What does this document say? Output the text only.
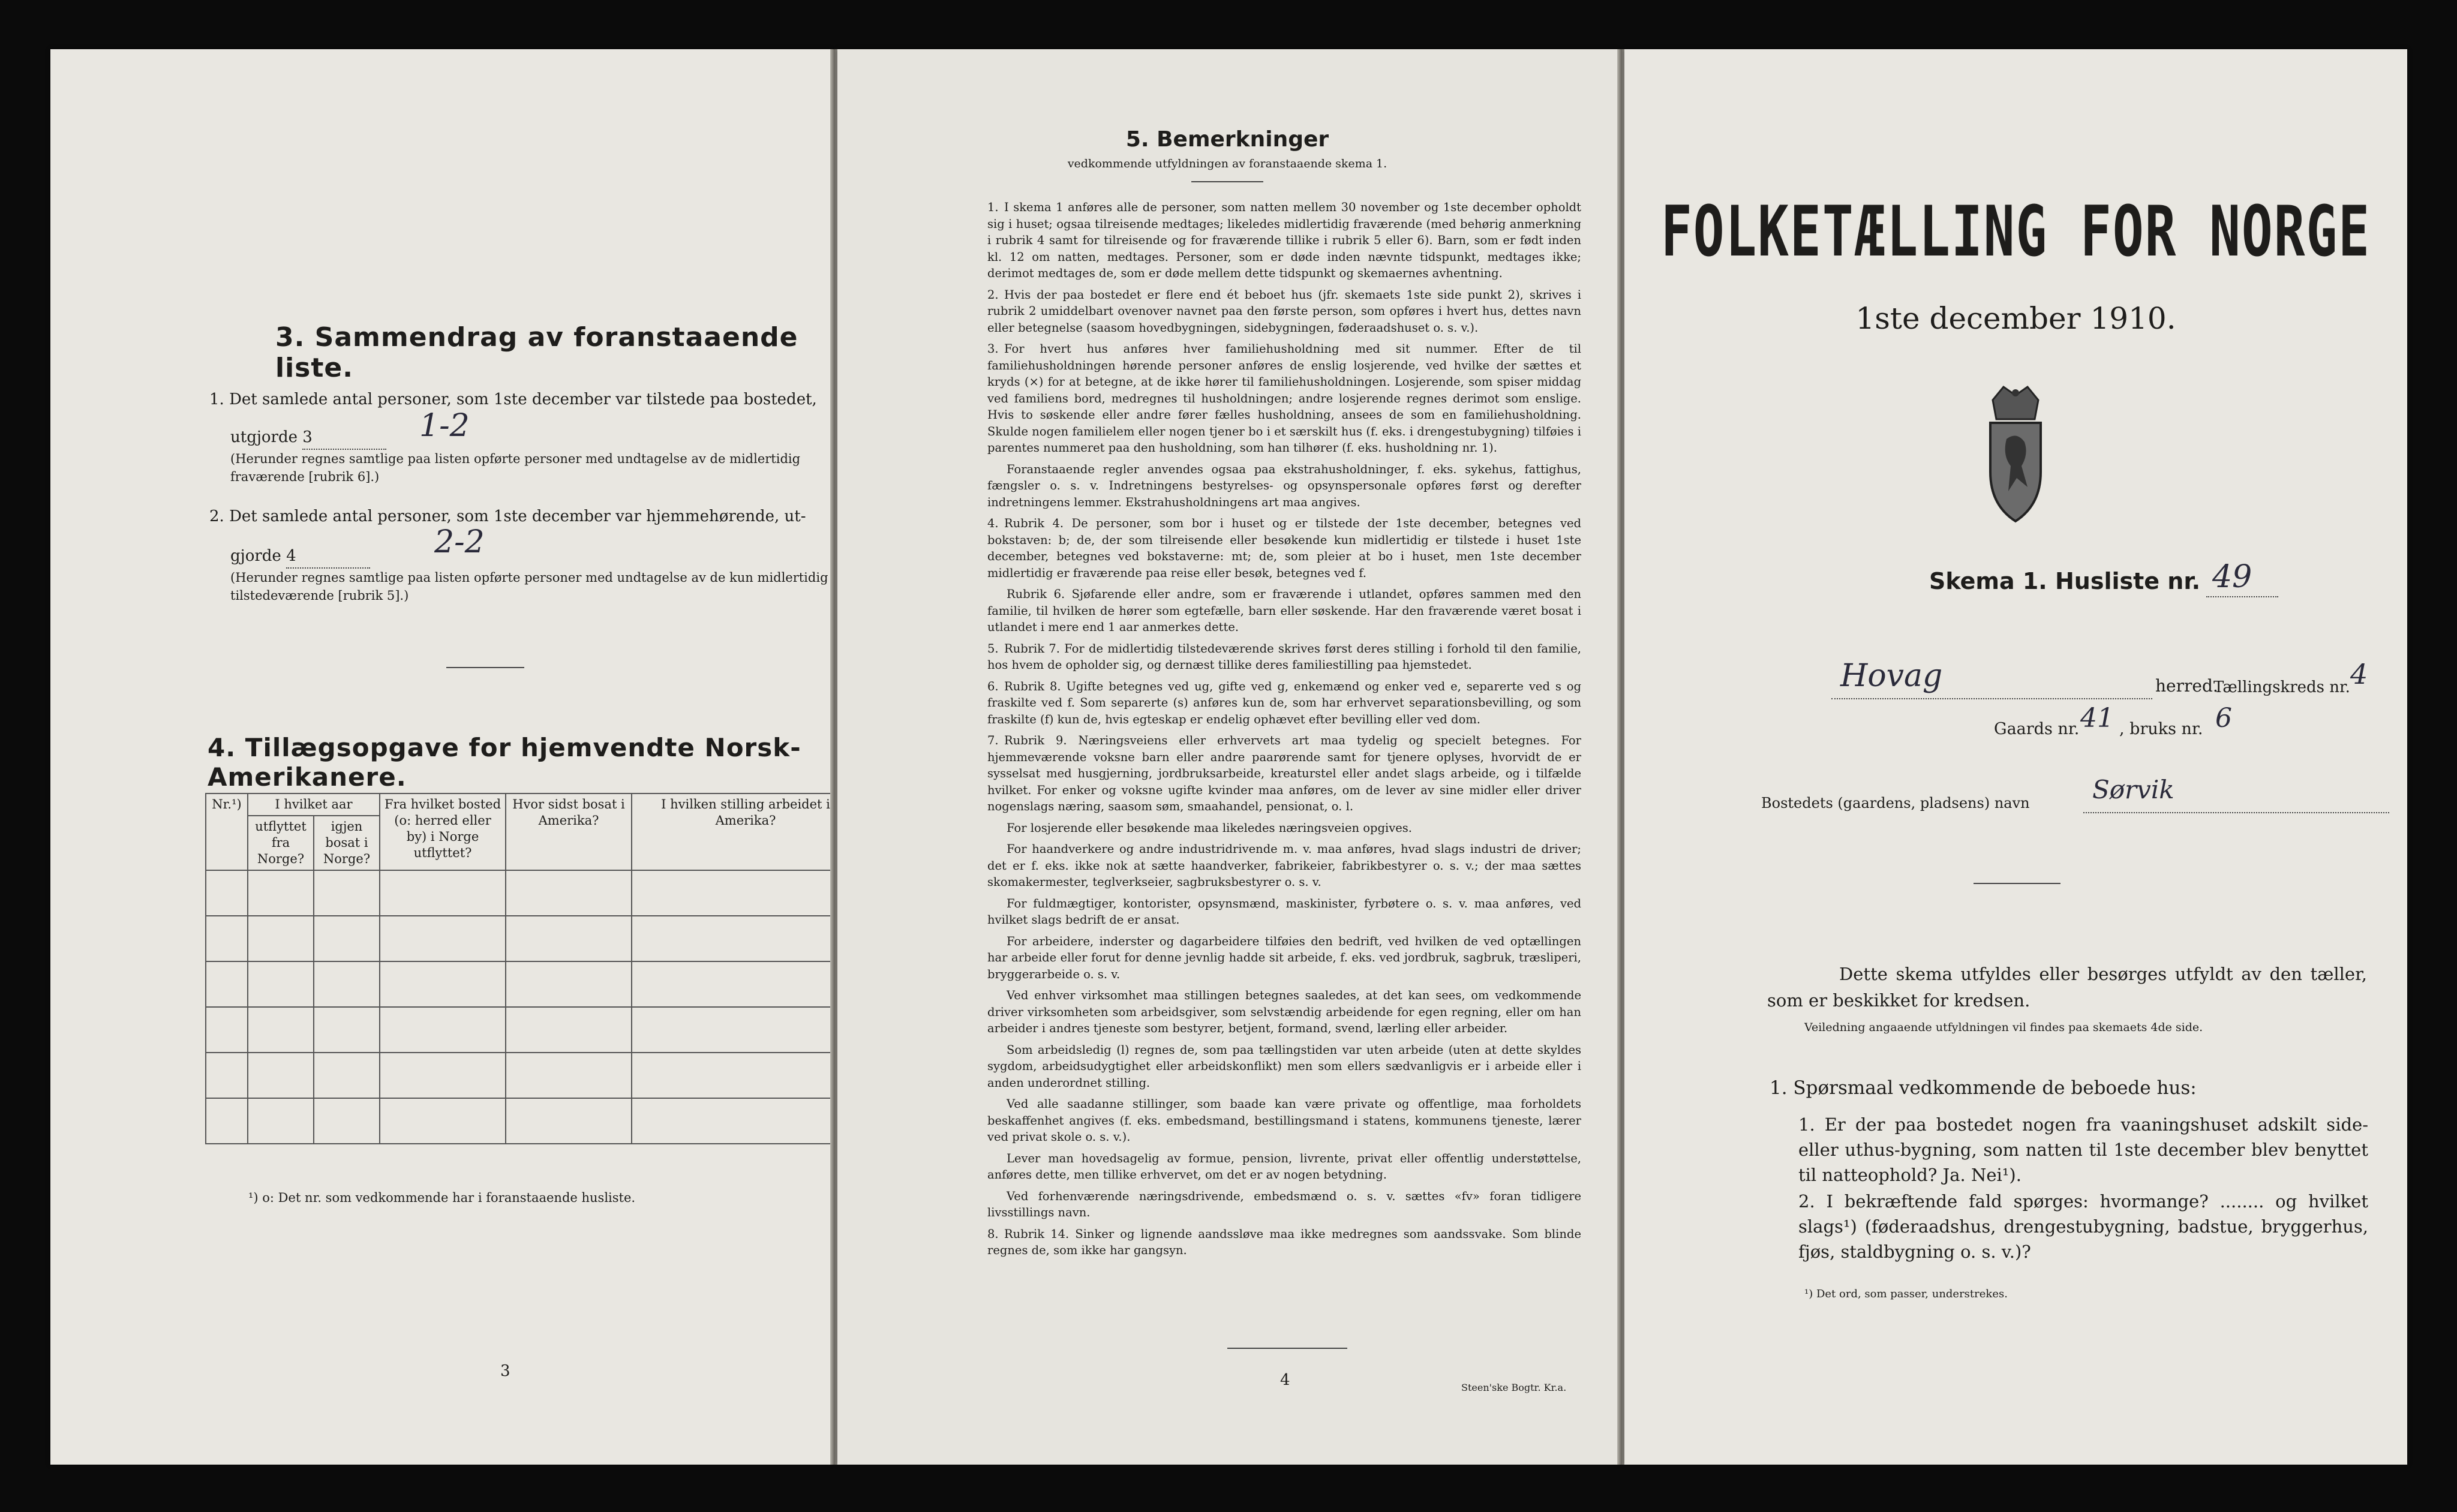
3. Sammendrag av foranstaaende liste.
1. Det samlede antal personer, som 1ste december var tilstede paa bostedet,
utgjorde 3	1-2
(Herunder regnes samtlige paa listen opførte personer med undtagelse av de midlertidig fraværende [rubrik 6].)
2. Det samlede antal personer, som 1ste december var hjemmehørende, ut-
gjorde 4	2-2
(Herunder regnes samtlige paa listen opførte personer med undtagelse av de kun midlertidig tilstedeværende [rubrik 5].)
4. Tillægsopgave for hjemvendte Norsk-Amerikanere.
Nr.¹)	I hvilket aar		Fra hvilket bosted (o: herred eller by) i Norge utflyttet?	Hvor sidst bosat i Amerika?	I hvilken stilling arbeidet i Amerika?
	utflyttet fra Norge?	igjen bosat i Norge?			

¹) o: Det nr. som vedkommende har i foranstaaende husliste.
3
5. Bemerkninger
vedkommende utfyldningen av foranstaaende skema 1.

1. I skema 1 anføres alle de personer, som natten mellem 30 november og 1ste december opholdt sig i huset; ogsaa tilreisende medtages; likeledes midlertidig fraværende (med behørig anmerkning i rubrik 4 samt for tilreisende og for fraværende tillike i rubrik 5 eller 6). Barn, som er født inden kl. 12 om natten, medtages. Personer, som er døde inden nævnte tidspunkt, medtages ikke; derimot medtages de, som er døde mellem dette tidspunkt og skemaernes avhentning.

2. Hvis der paa bostedet er flere end ét beboet hus (jfr. skemaets 1ste side punkt 2), skrives i rubrik 2 umiddelbart ovenover navnet paa den første person, som opføres i hvert hus, dettes navn eller betegnelse (saasom hovedbygningen, sidebygningen, føderaadshuset o. s. v.).

3. For hvert hus anføres hver familiehusholdning med sit nummer. Efter de til familiehusholdningen hørende personer anføres de enslig losjerende, ved hvilke der sættes et kryds (×) for at betegne, at de ikke hører til familiehusholdningen. Losjerende, som spiser middag ved familiens bord, medregnes til husholdningen; andre losjerende regnes derimot som enslige. Hvis to søskende eller andre fører fælles husholdning, ansees de som en familiehusholdning. Skulde nogen familielem eller nogen tjener bo i et særskilt hus (f. eks. i drengestubygning) tilføies i parentes nummeret paa den husholdning, som han tilhører (f. eks. husholdning nr. 1).

Foranstaaende regler anvendes ogsaa paa ekstrahusholdninger, f. eks. sykehus, fattighus, fængsler o. s. v. Indretningens bestyrelses- og opsynspersonale opføres først og derefter indretningens lemmer. Ekstrahusholdningens art maa angives.

4. Rubrik 4. De personer, som bor i huset og er tilstede der 1ste december, betegnes ved bokstaven: b; de, der som tilreisende eller besøkende kun midlertidig er tilstede i huset 1ste december, betegnes ved bokstaverne: mt; de, som pleier at bo i huset, men 1ste december midlertidig er fraværende paa reise eller besøk, betegnes ved f.

Rubrik 6. Sjøfarende eller andre, som er fraværende i utlandet, opføres sammen med den familie, til hvilken de hører som egtefælle, barn eller søskende. Har den fraværende været bosat i utlandet i mere end 1 aar anmerkes dette.

5. Rubrik 7. For de midlertidig tilstedeværende skrives først deres stilling i forhold til den familie, hos hvem de opholder sig, og dernæst tillike deres familiestilling paa hjemstedet.

6. Rubrik 8. Ugifte betegnes ved ug, gifte ved g, enkemænd og enker ved e, separerte ved s og fraskilte ved f. Som separerte (s) anføres kun de, som har erhvervet separationsbevilling, og som fraskilte (f) kun de, hvis egteskap er endelig ophævet efter bevilling eller ved dom.

7. Rubrik 9. Næringsveiens eller erhvervets art maa tydelig og specielt betegnes. For hjemmeværende voksne barn eller andre paarørende samt for tjenere oplyses, hvorvidt de er sysselsat med husgjerning, jordbruksarbeide, kreaturstel eller andet slags arbeide, og i tilfælde hvilket. For enker og voksne ugifte kvinder maa anføres, om de lever av sine midler eller driver nogenslags næring, saasom søm, smaahandel, pensionat, o. l.

For losjerende eller besøkende maa likeledes næringsveien opgives.

For haandverkere og andre industridrivende m. v. maa anføres, hvad slags industri de driver; det er f. eks. ikke nok at sætte haandverker, fabrikeier, fabrikbestyrer o. s. v.; der maa sættes skomakermester, teglverkseier, sagbruksbestyrer o. s. v.

For fuldmægtiger, kontorister, opsynsmænd, maskinister, fyrbøtere o. s. v. maa anføres, ved hvilket slags bedrift de er ansat.

For arbeidere, inderster og dagarbeidere tilføies den bedrift, ved hvilken de ved optællingen har arbeide eller forut for denne jevnlig hadde sit arbeide, f. eks. ved jordbruk, sagbruk, træsliperi, bryggerarbeide o. s. v.

Ved enhver virksomhet maa stillingen betegnes saaledes, at det kan sees, om vedkommende driver virksomheten som arbeidsgiver, som selvstændig arbeidende for egen regning, eller om han arbeider i andres tjeneste som bestyrer, betjent, formand, svend, lærling eller arbeider.

Som arbeidsledig (l) regnes de, som paa tællingstiden var uten arbeide (uten at dette skyldes sygdom, arbeidsudygtighet eller arbeidskonflikt) men som ellers sædvanligvis er i arbeide eller i anden underordnet stilling.

Ved alle saadanne stillinger, som baade kan være private og offentlige, maa forholdets beskaffenhet angives (f. eks. embedsmand, bestillingsmand i statens, kommunens tjeneste, lærer ved privat skole o. s. v.).

Lever man hovedsagelig av formue, pension, livrente, privat eller offentlig understøttelse, anføres dette, men tillike erhvervet, om det er av nogen betydning.

Ved forhenværende næringsdrivende, embedsmænd o. s. v. sættes «fv» foran tidligere livsstillings navn.

8. Rubrik 14. Sinker og lignende aandssløve maa ikke medregnes som aandssvake. Som blinde regnes de, som ikke har gangsyn.

4	Steen'ske Bogtr. Kr.a.
FOLKETÆLLING FOR NORGE
1ste december 1910.
Skema 1. Husliste nr. 49
Hovag	herred.
Tællingskreds nr. 4
Gaards nr. 41 , bruks nr. 6
Bostedets (gaardens, pladsens) navn Sørvik
Dette skema utfyldes eller besørges utfyldt av den tæller, som er beskikket for kredsen.
Veiledning angaaende utfyldningen vil findes paa skemaets 4de side.
1. Spørsmaal vedkommende de beboede hus:
1. Er der paa bostedet nogen fra vaaningshuset adskilt side- eller uthus-bygning, som natten til 1ste december blev benyttet til natteophold? Ja. Nei¹).
2. I bekræftende fald spørges: hvormange? ........ og hvilket slags¹) (føderaadshus, drengestubygning, badstue, bryggerhus, fjøs, staldbygning o. s. v.)?
¹) Det ord, som passer, understrekes.
